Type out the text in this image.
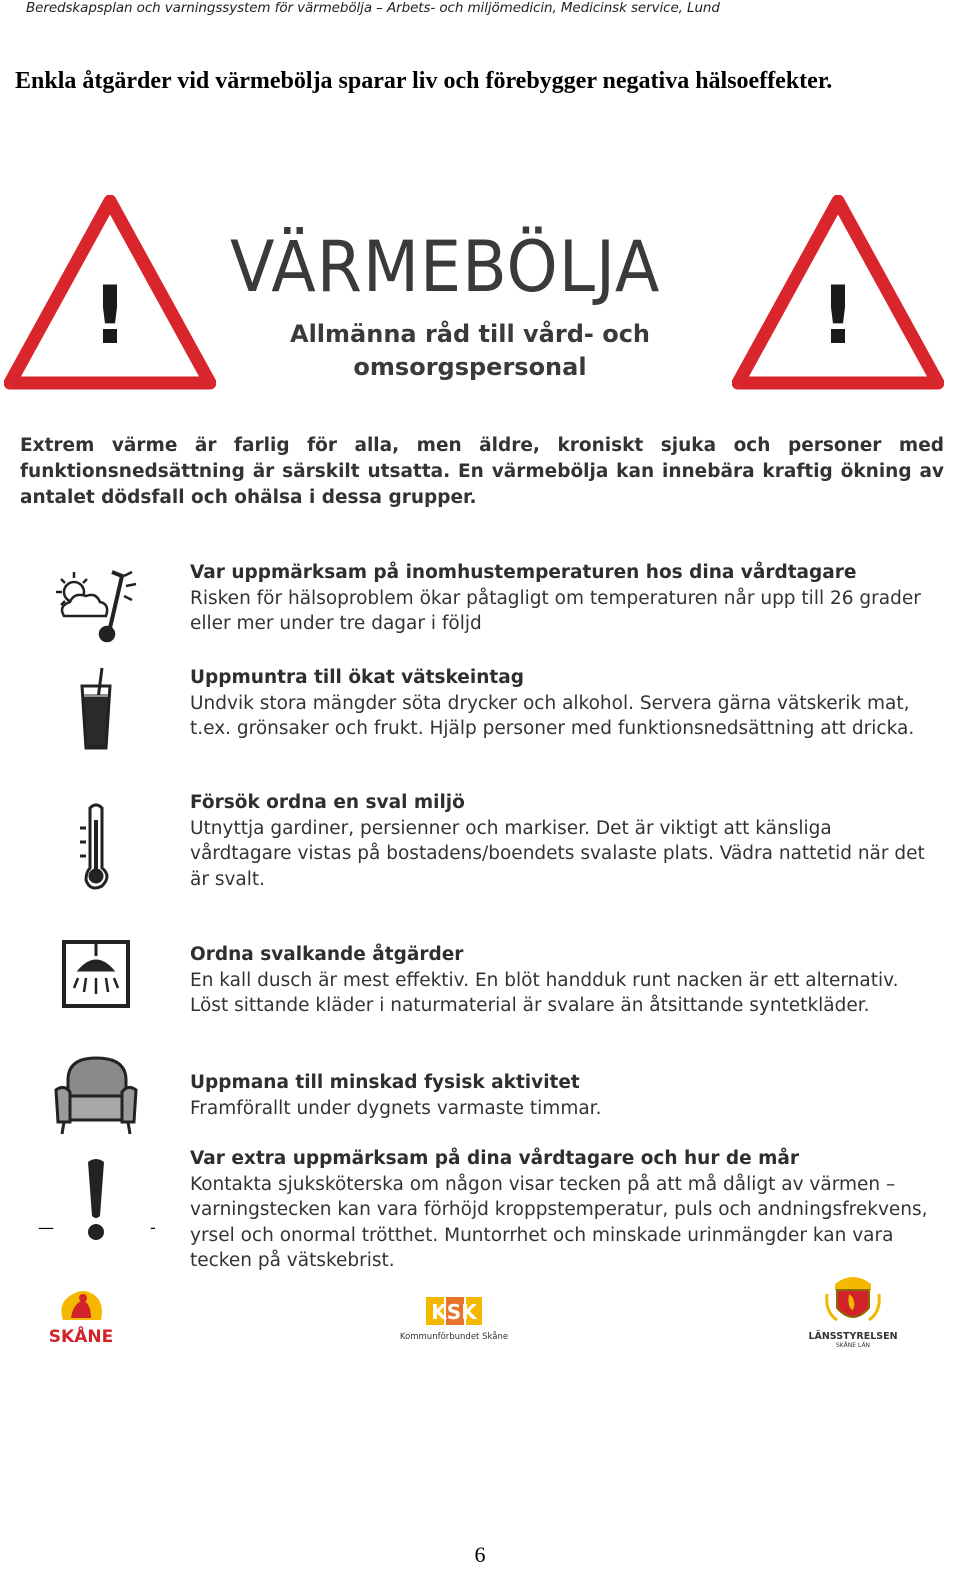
Beredskapsplan och varningssystem för värmebölja – Arbets- och miljömedicin, Medicinsk service, Lund
Enkla åtgärder vid värmebölja sparar liv och förebygger negativa hälsoeffekter.
!	!
VÄRMEBÖLJA
Allmänna råd till vård- och
omsorgspersonal
Extrem värme är farlig för alla, men äldre, kroniskt sjuka och personer med funktionsnedsättning är särskilt utsatta. En värmebölja kan innebära kraftig ökning av antalet dödsfall och ohälsa i dessa grupper.
Var uppmärksam på inomhustemperaturen hos dina vårdtagare
Risken för hälsoproblem ökar påtagligt om temperaturen når upp till 26 grader eller mer under tre dagar i följd
Uppmuntra till ökat vätskeintag
Undvik stora mängder söta drycker och alkohol. Servera gärna vätskerik mat, t.ex. grönsaker och frukt. Hjälp personer med funktionsnedsättning att dricka.
Försök ordna en sval miljö
Utnyttja gardiner, persienner och markiser. Det är viktigt att känsliga vårdtagare vistas på bostadens/boendets svalaste plats. Vädra nattetid när det är svalt.
Ordna svalkande åtgärder
En kall dusch är mest effektiv. En blöt handduk runt nacken är ett alternativ. Löst sittande kläder i naturmaterial är svalare än åtsittande syntetkläder.
Uppmana till minskad fysisk aktivitet
Framförallt under dygnets varmaste timmar.
Var extra uppmärksam på dina vårdtagare och hur de mår
Kontakta sjuksköterska om någon visar tecken på att må dåligt av värmen – varningstecken kan vara förhöjd kroppstemperatur, puls och andningsfrekvens, yrsel och onormal trötthet. Muntorrhet och minskade urinmängder kan vara tecken på vätskebrist.
—	-
SKÅNE
KSK
Kommunförbundet Skåne	LÄNSSTYRELSEN
SKÅNE LÄN
6
